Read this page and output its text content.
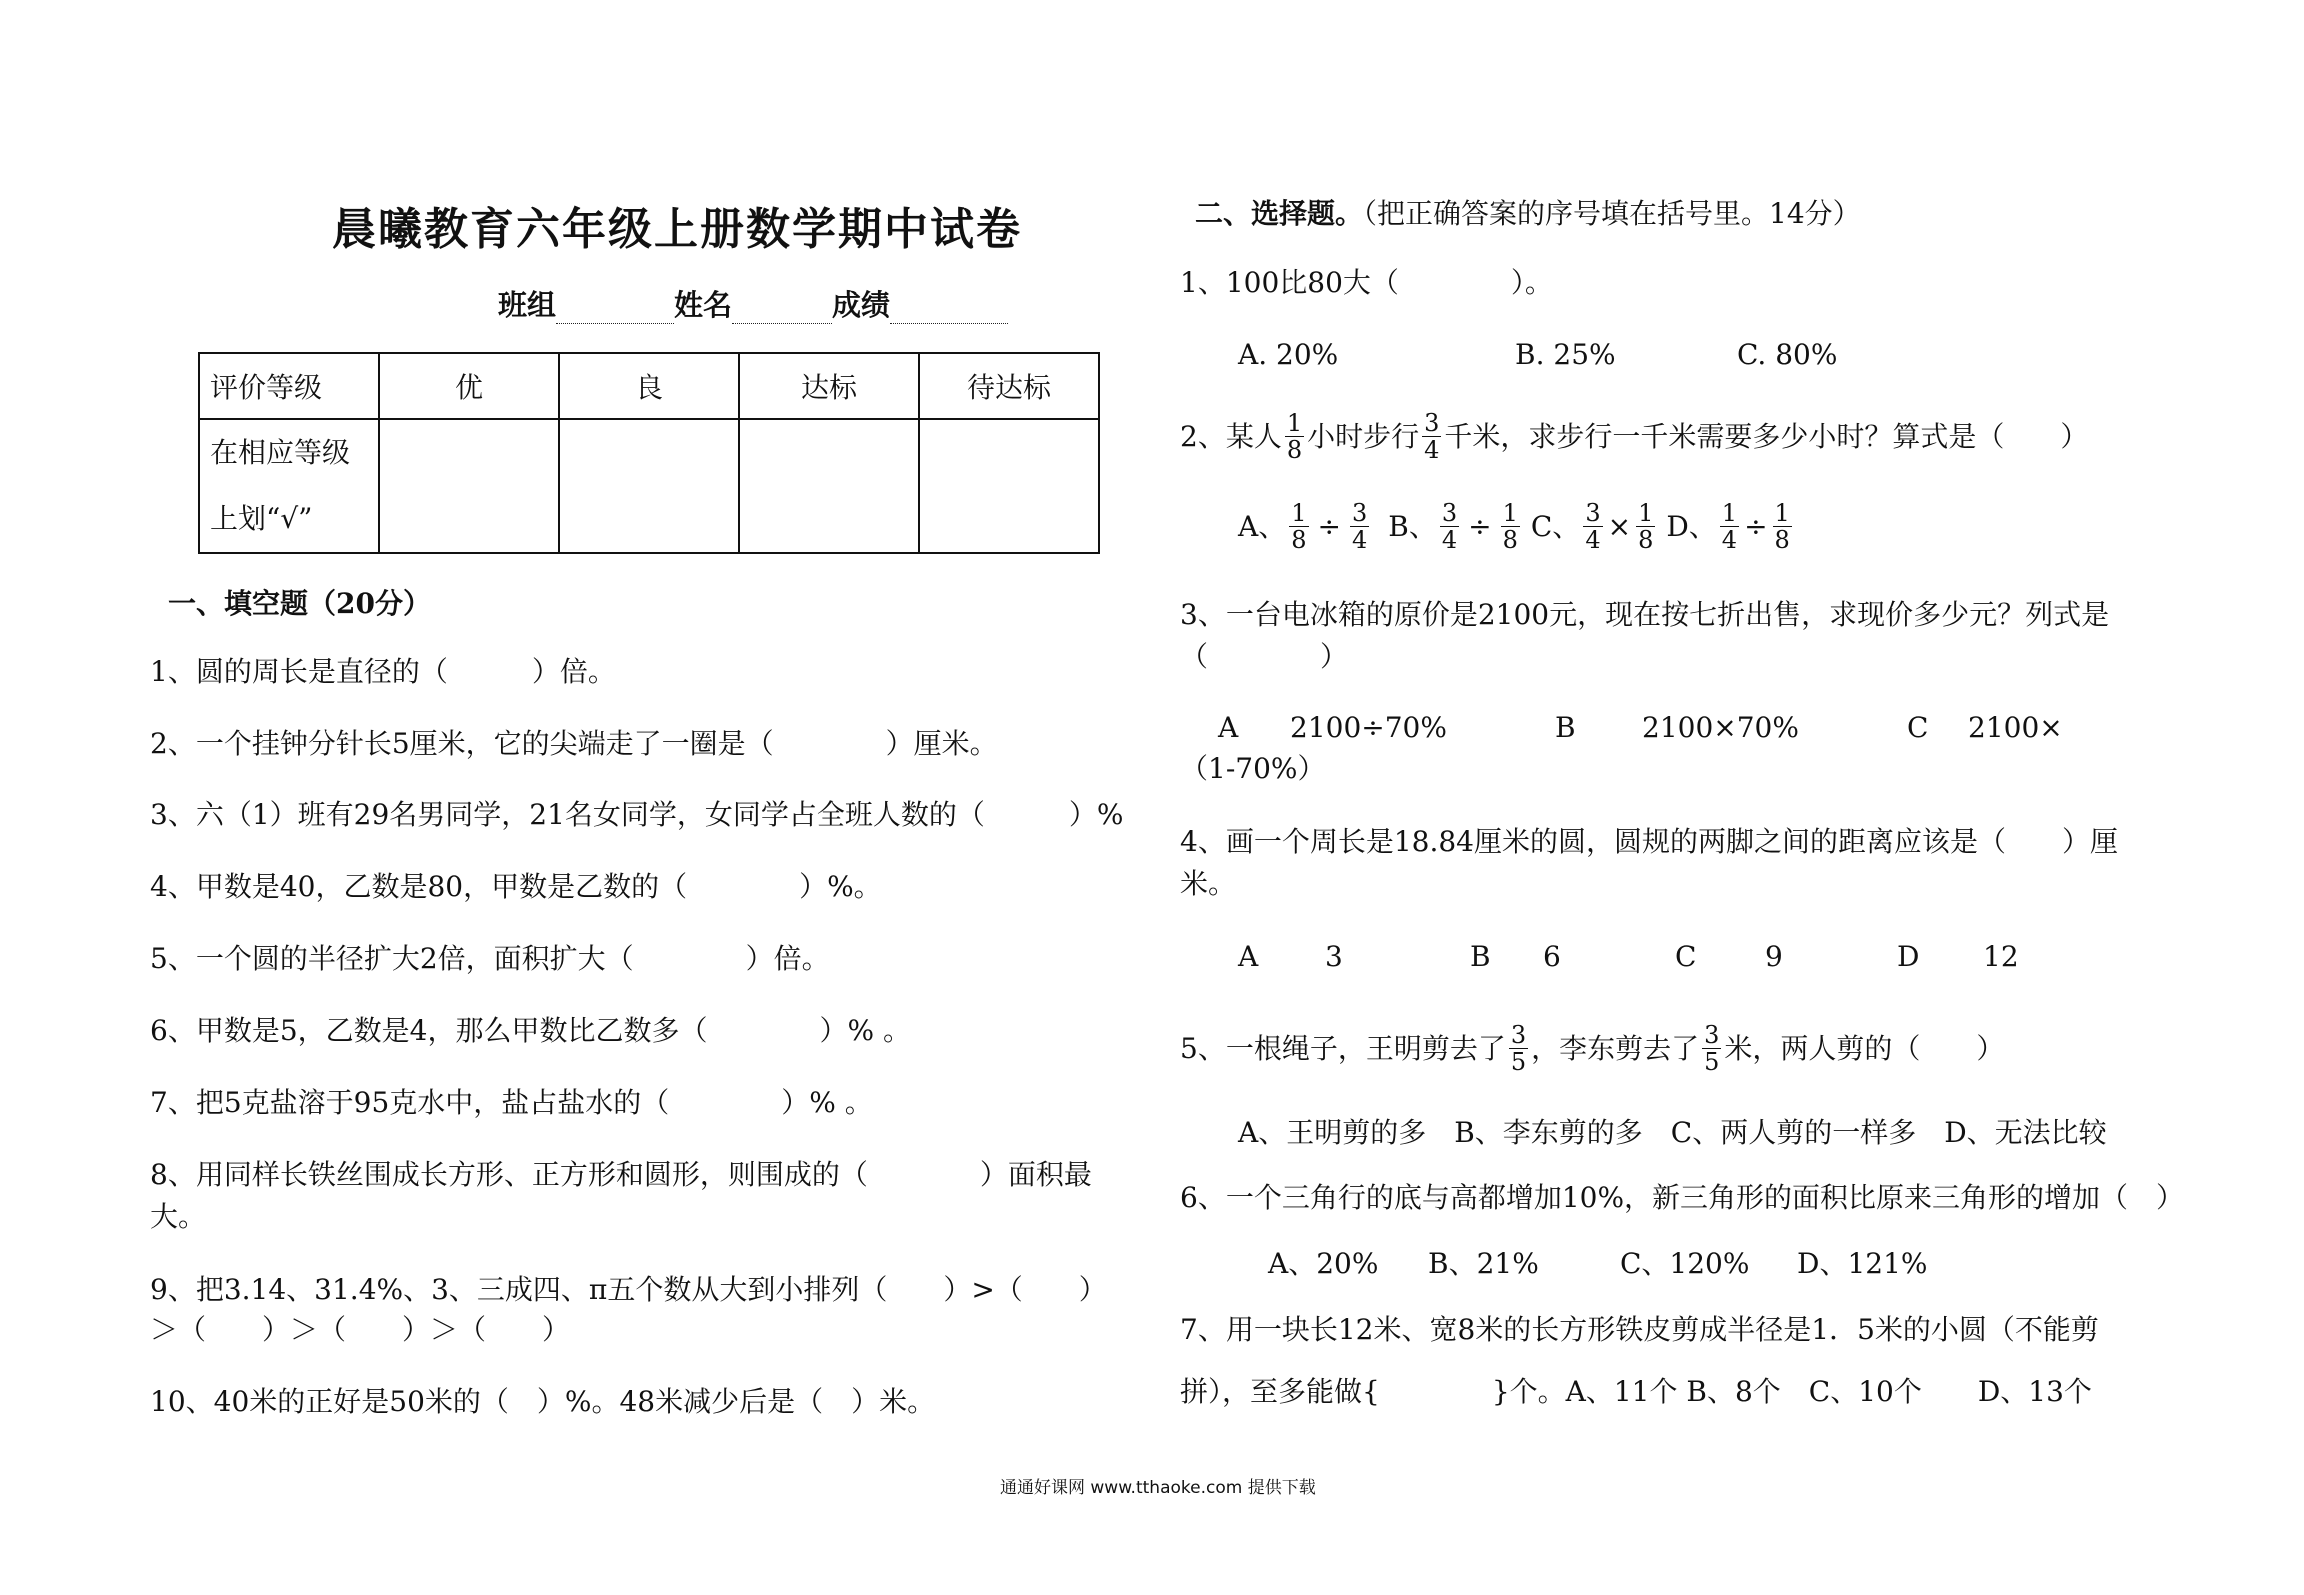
晨曦教育六年级上册数学期中试卷
班组	姓名	成绩
评价等级	优	良	达标	待达标

在相应等级
上划“√”				

一、填空题（20分）
1、圆的周长是直径的（　　　）倍。
2、一个挂钟分针长5厘米，它的尖端走了一圈是（　　　　）厘米。
3、六（1）班有29名男同学，21名女同学，女同学占全班人数的（　　　）%
4、甲数是40，乙数是80，甲数是乙数的（　　　　）%。
5、一个圆的半径扩大2倍，面积扩大（　　　　）倍。
6、甲数是5，乙数是4，那么甲数比乙数多（　　　　）% 。
7、把5克盐溶于95克水中，盐占盐水的（　　　　）% 。
8、用同样长铁丝围成长方形、正方形和圆形，则围成的（　　　　）面积最
大。
9、把3.14、31.4%、3、三成四、π五个数从大到小排列（　　）>（　　）
＞（　　）＞（　　）＞（　　）
10、40米的正好是50米的（　）%。48米减少后是（　）米。
二、选择题。（把正确答案的序号填在括号里。14分）
1、100比80大（　　　　）。
A. 20%	B. 25%	C. 80%
2、某人 $\frac{1}{8}$ 小时步行 $\frac{3}{4}$ 千米，求步行一千米需要多少小时？算式是（　　）
A、 $\frac{1}{8} \div \frac{3}{4}$ B、 $\frac{3}{4} \div \frac{1}{8}$ C、 $\frac{3}{4} \times \frac{1}{8}$ D、 $\frac{1}{4} \div \frac{1}{8}$
3、一台电冰箱的原价是2100元，现在按七折出售，求现价多少元？列式是
（　　　　）
A 2100÷70%	B 2100×70%	C 2100×
（1-70%）
4、画一个周长是18.84厘米的圆，圆规的两脚之间的距离应该是（　　）厘
米。
A 3	B 6	C 9	D 12
5、一根绳子，王明剪去了 $\frac{3}{5}$ ，李东剪去了 $\frac{3}{5}$ 米，两人剪的（　　）
A、王明剪的多　B、李东剪的多　C、两人剪的一样多　D、无法比较
6、一个三角行的底与高都增加10%，新三角形的面积比原来三角形的增加（　）
A、20% B、21%	C、120% D、121%
7、用一块长12米、宽8米的长方形铁皮剪成半径是1．5米的小圆（不能剪
拼），至多能做{　　　　}个。A、11个 B、8个　C、10个　　D、13个
通通好课网 www.tthaoke.com 提供下载
